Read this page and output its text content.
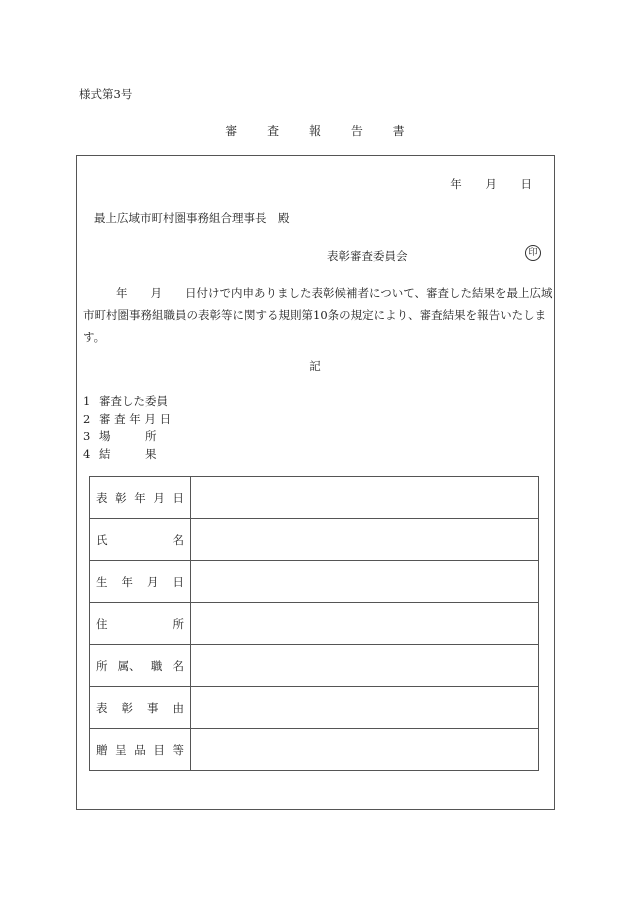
様式第3号
審 査 報 告 書
年 月 日
最上広域市町村圏事務組合理事長　殿
表彰審査委員会	印
年　　月　　日付けで内申ありました表彰候補者について、審査した結果を最上広域市町村圏事務組職員の表彰等に関する規則第10条の規定により、審査結果を報告いたします。
記
1 審査した委員
2 審 査 年 月 日
3 場　　　所
4 結　　　果
表 彰 年 月 日	

氏 名	

生 年 月 日	

住 所	

所 属、 職 名	

表 彰 事 由	

贈 呈 品 目 等	
